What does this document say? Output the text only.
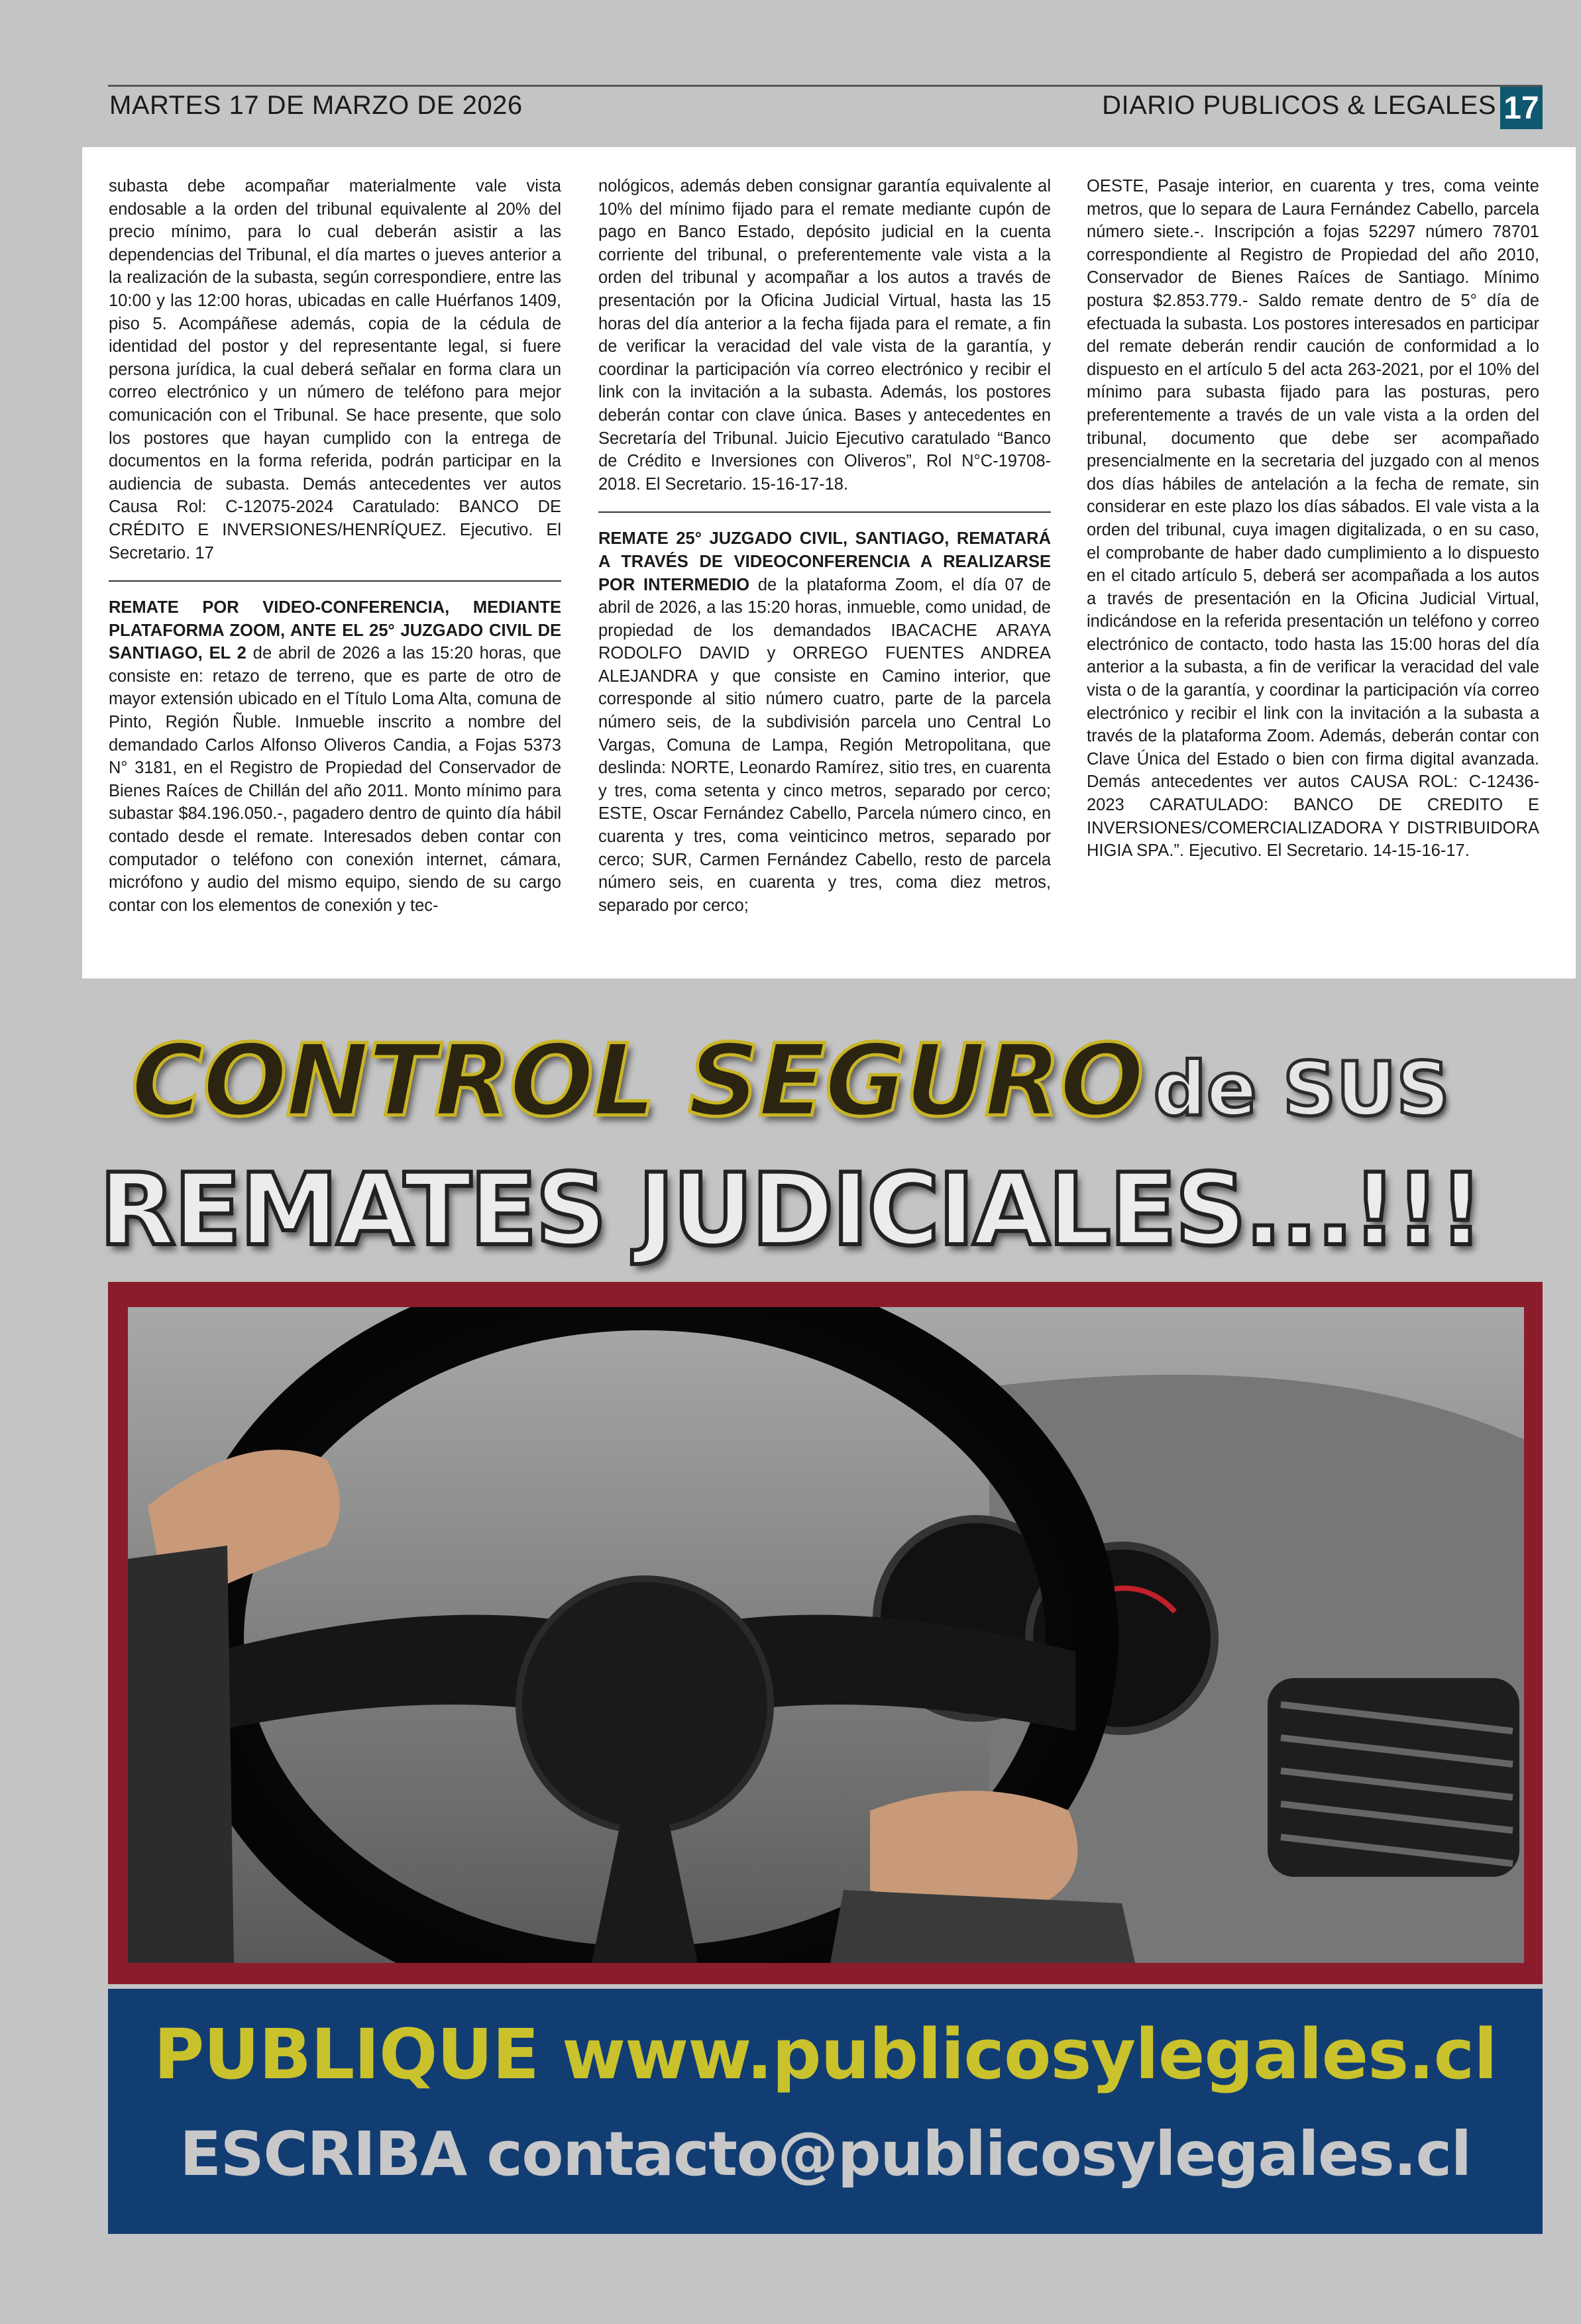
MARTES 17 DE MARZO DE 2026	DIARIO PUBLICOS & LEGALES 17

subasta debe acompañar materialmente vale vista endosable a la orden del tribunal equivalente al 20% del precio mínimo, para lo cual deberán asistir a las dependencias del Tribunal, el día martes o jueves anterior a la realización de la subasta, según correspondiere, entre las 10:00 y las 12:00 horas, ubicadas en calle Huérfanos 1409, piso 5. Acompáñese además, copia de la cédula de identidad del postor y del representante legal, si fuere persona jurídica, la cual deberá señalar en forma clara un correo electrónico y un número de teléfono para mejor comunicación con el Tribunal. Se hace presente, que solo los postores que hayan cumplido con la entrega de documentos en la forma referida, podrán participar en la audiencia de subasta. Demás antecedentes ver autos Causa Rol: C-12075-2024 Caratulado: BANCO DE CRÉDITO E INVERSIONES/HENRÍQUEZ. Ejecutivo. El Secretario. 17

REMATE POR VIDEO-CONFERENCIA, MEDIANTE PLATAFORMA ZOOM, ANTE EL 25° JUZGADO CIVIL DE SANTIAGO, EL 2 de abril de 2026 a las 15:20 horas, que consiste en: retazo de terreno, que es parte de otro de mayor extensión ubicado en el Título Loma Alta, comuna de Pinto, Región Ñuble. Inmueble inscrito a nombre del demandado Carlos Alfonso Oliveros Candia, a Fojas 5373 N° 3181, en el Registro de Propiedad del Conservador de Bienes Raíces de Chillán del año 2011. Monto mínimo para subastar $84.196.050.-, pagadero dentro de quinto día hábil contado desde el remate. Interesados deben contar con computador o teléfono con conexión internet, cámara, micrófono y audio del mismo equipo, siendo de su cargo contar con los elementos de conexión y tec-

nológicos, además deben consignar garantía equivalente al 10% del mínimo fijado para el remate mediante cupón de pago en Banco Estado, depósito judicial en la cuenta corriente del tribunal, o preferentemente vale vista a la orden del tribunal y acompañar a los autos a través de presentación por la Oficina Judicial Virtual, hasta las 15 horas del día anterior a la fecha fijada para el remate, a fin de verificar la veracidad del vale vista de la garantía, y coordinar la participación vía correo electrónico y recibir el link con la invitación a la subasta. Además, los postores deberán contar con clave única. Bases y antecedentes en Secretaría del Tribunal. Juicio Ejecutivo caratulado “Banco de Crédito e Inversiones con Oliveros”, Rol N°C-19708-2018. El Secretario. 15-16-17-18.

REMATE 25° JUZGADO CIVIL, SANTIAGO, REMATARÁ A TRAVÉS DE VIDEOCONFERENCIA A REALIZARSE POR INTERMEDIO de la plataforma Zoom, el día 07 de abril de 2026, a las 15:20 horas, inmueble, como unidad, de propiedad de los demandados IBACACHE ARAYA RODOLFO DAVID y ORREGO FUENTES ANDREA ALEJANDRA y que consiste en Camino interior, que corresponde al sitio número cuatro, parte de la parcela número seis, de la subdivisión parcela uno Central Lo Vargas, Comuna de Lampa, Región Metropolitana, que deslinda: NORTE, Leonardo Ramírez, sitio tres, en cuarenta y tres, coma setenta y cinco metros, separado por cerco; ESTE, Oscar Fernández Cabello, Parcela número cinco, en cuarenta y tres, coma veinticinco metros, separado por cerco; SUR, Carmen Fernández Cabello, resto de parcela número seis, en cuarenta y tres, coma diez metros, separado por cerco;

OESTE, Pasaje interior, en cuarenta y tres, coma veinte metros, que lo separa de Laura Fernández Cabello, parcela número siete.-. Inscripción a fojas 52297 número 78701 correspondiente al Registro de Propiedad del año 2010, Conservador de Bienes Raíces de Santiago. Mínimo postura $2.853.779.- Saldo remate dentro de 5° día de efectuada la subasta. Los postores interesados en participar del remate deberán rendir caución de conformidad a lo dispuesto en el artículo 5 del acta 263-2021, por el 10% del mínimo para subasta fijado para las posturas, pero preferentemente a través de un vale vista a la orden del tribunal, documento que debe ser acompañado presencialmente en la secretaria del juzgado con al menos dos días hábiles de antelación a la fecha de remate, sin considerar en este plazo los días sábados. El vale vista a la orden del tribunal, cuya imagen digitalizada, o en su caso, el comprobante de haber dado cumplimiento a lo dispuesto en el citado artículo 5, deberá ser acompañada a los autos a través de presentación en la Oficina Judicial Virtual, indicándose en la referida presentación un teléfono y correo electrónico de contacto, todo hasta las 15:00 horas del día anterior a la subasta, a fin de verificar la veracidad del vale vista o de la garantía, y coordinar la participación vía correo electrónico y recibir el link con la invitación a la subasta a través de la plataforma Zoom. Además, deberán contar con Clave Única del Estado o bien con firma digital avanzada. Demás antecedentes ver autos CAUSA ROL: C-12436-2023 CARATULADO: BANCO DE CREDITO E INVERSIONES/COMERCIALIZADORA Y DISTRIBUIDORA HIGIA SPA.”. Ejecutivo. El Secretario. 14-15-16-17.

CONTROL SEGURO de SUS
REMATES JUDICIALES...!!!
PUBLIQUE www.publicosylegales.cl
ESCRIBA contacto@publicosylegales.cl
